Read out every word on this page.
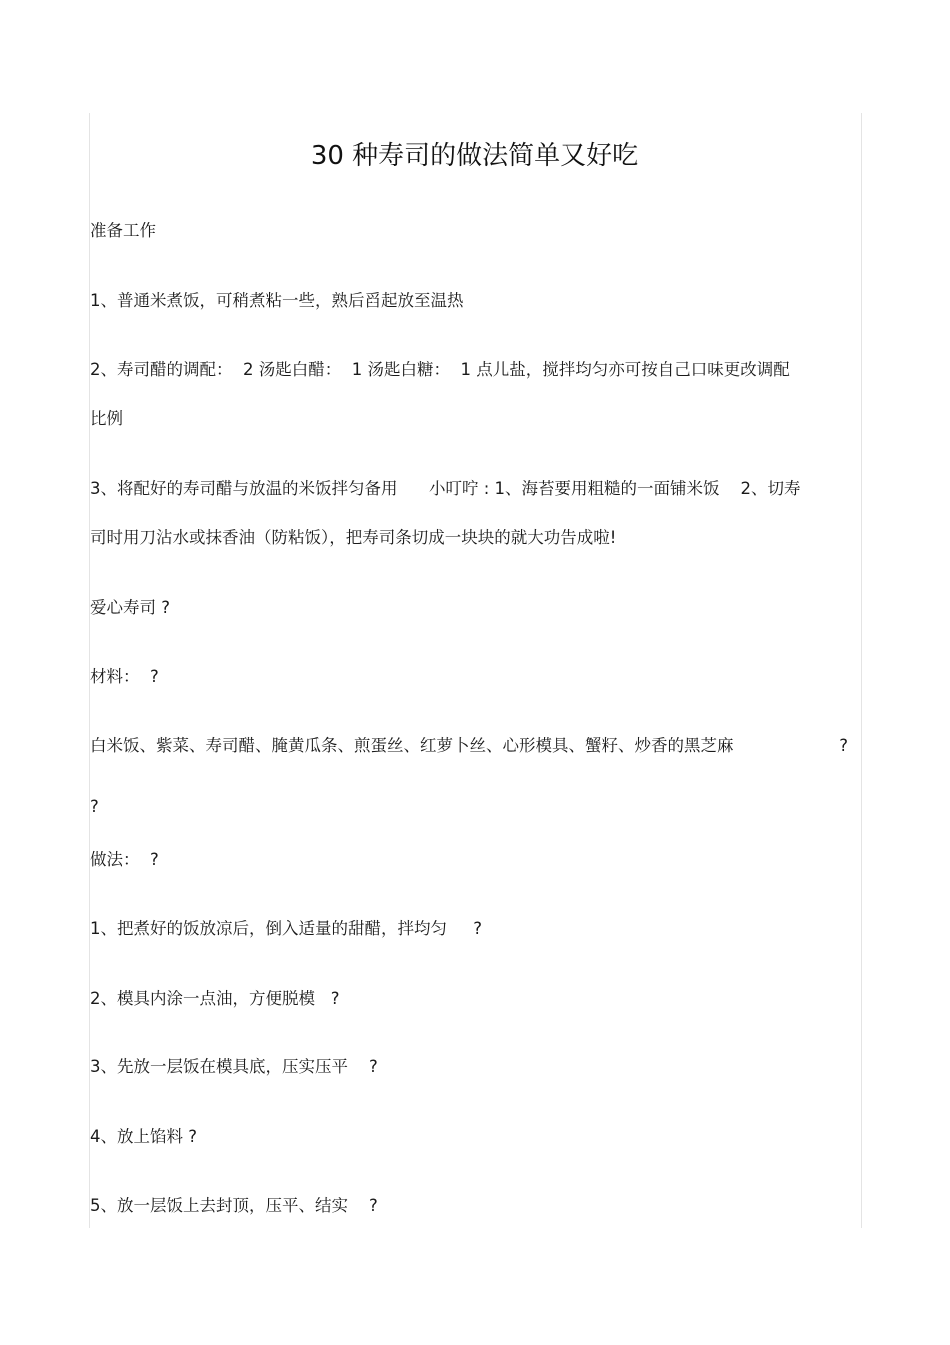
30 种寿司的做法简单又好吃
准备工作
1、普通米煮饭，可稍煮粘一些，熟后舀起放至温热
2、寿司醋的调配：  2 汤匙白醋：  1 汤匙白糖：  1 点儿盐，搅拌均匀亦可按自己口味更改调配
比例
3、将配好的寿司醋与放温的米饭拌匀备用      小叮咛 : 1、海苔要用粗糙的一面铺米饭    2、切寿
司时用刀沾水或抹香油（防粘饭），把寿司条切成一块块的就大功告成啦!
爱心寿司 ?
材料：  ?
白米饭、紫菜、寿司醋、腌黄瓜条、煎蛋丝、红萝卜丝、心形模具、蟹籽、炒香的黑芝麻	?
?
做法：  ?
1、把煮好的饭放凉后，倒入适量的甜醋，拌均匀     ?
2、模具内涂一点油，方便脱模   ?
3、先放一层饭在模具底，压实压平    ?
4、放上馅料 ?
5、放一层饭上去封顶，压平、结实    ?
